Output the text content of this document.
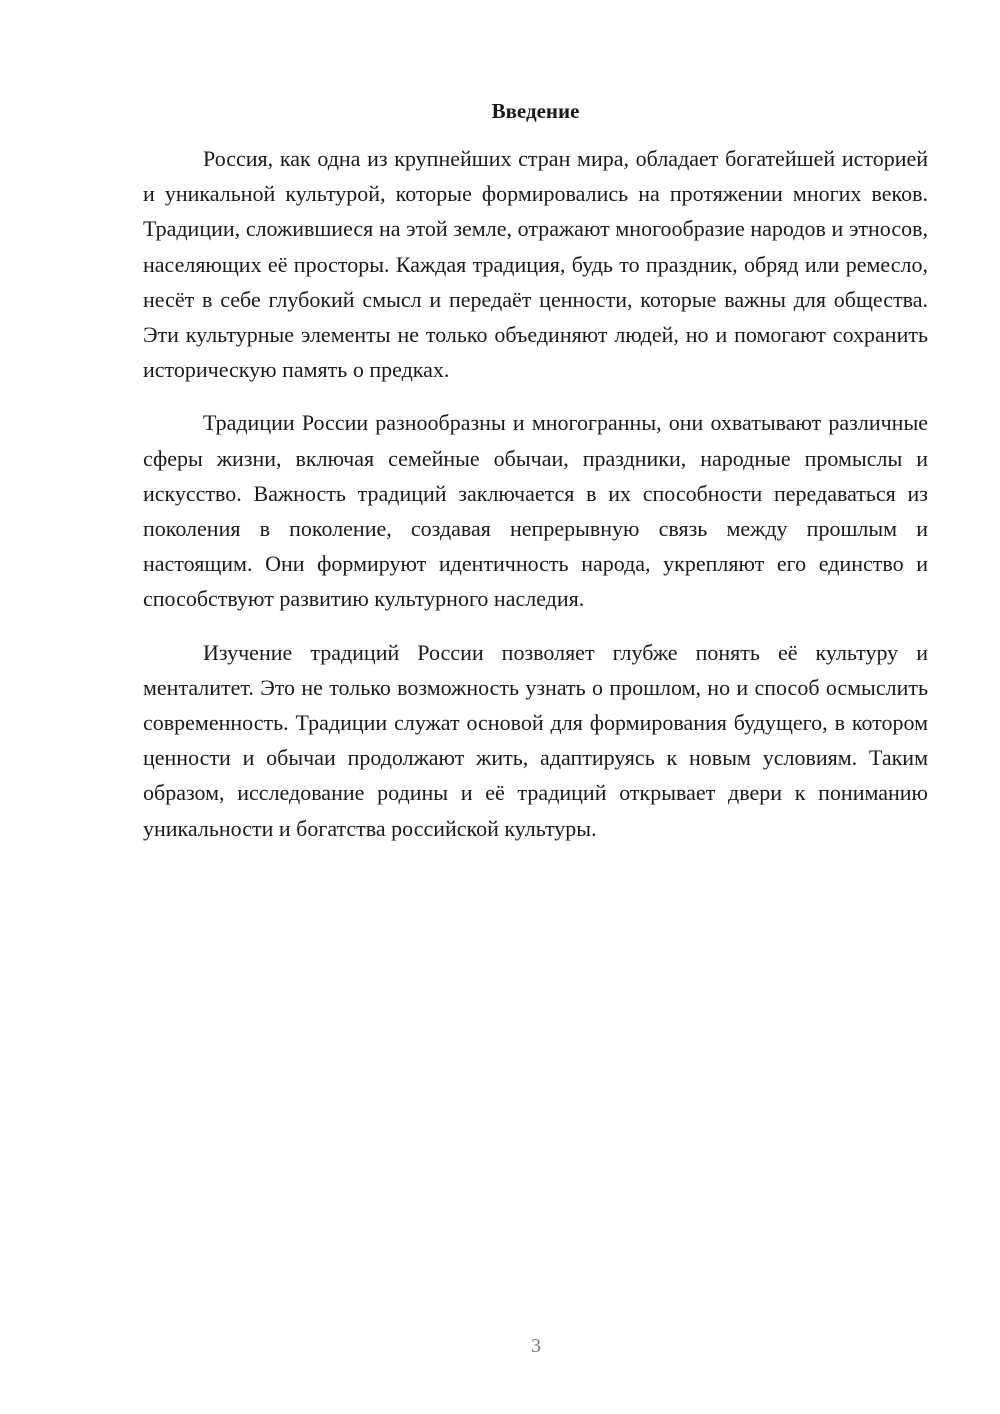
Введение

Россия, как одна из крупнейших стран мира, обладает богатейшей историей и уникальной культурой, которые формировались на протяжении многих веков. Традиции, сложившиеся на этой земле, отражают многообразие народов и этносов, населяющих её просторы. Каждая традиция, будь то праздник, обряд или ремесло, несёт в себе глубокий смысл и передаёт ценности, которые важны для общества. Эти культурные элементы не только объединяют людей, но и помогают сохранить историческую память о предках.

Традиции России разнообразны и многогранны, они охватывают различные сферы жизни, включая семейные обычаи, праздники, народные промыслы и искусство. Важность традиций заключается в их способности передаваться из поколения в поколение, создавая непрерывную связь между прошлым и настоящим. Они формируют идентичность народа, укрепляют его единство и способствуют развитию культурного наследия.

Изучение традиций России позволяет глубже понять её культуру и менталитет. Это не только возможность узнать о прошлом, но и способ осмыслить современность. Традиции служат основой для формирования будущего, в котором ценности и обычаи продолжают жить, адаптируясь к новым условиям. Таким образом, исследование родины и её традиций открывает двери к пониманию уникальности и богатства российской культуры.

3
